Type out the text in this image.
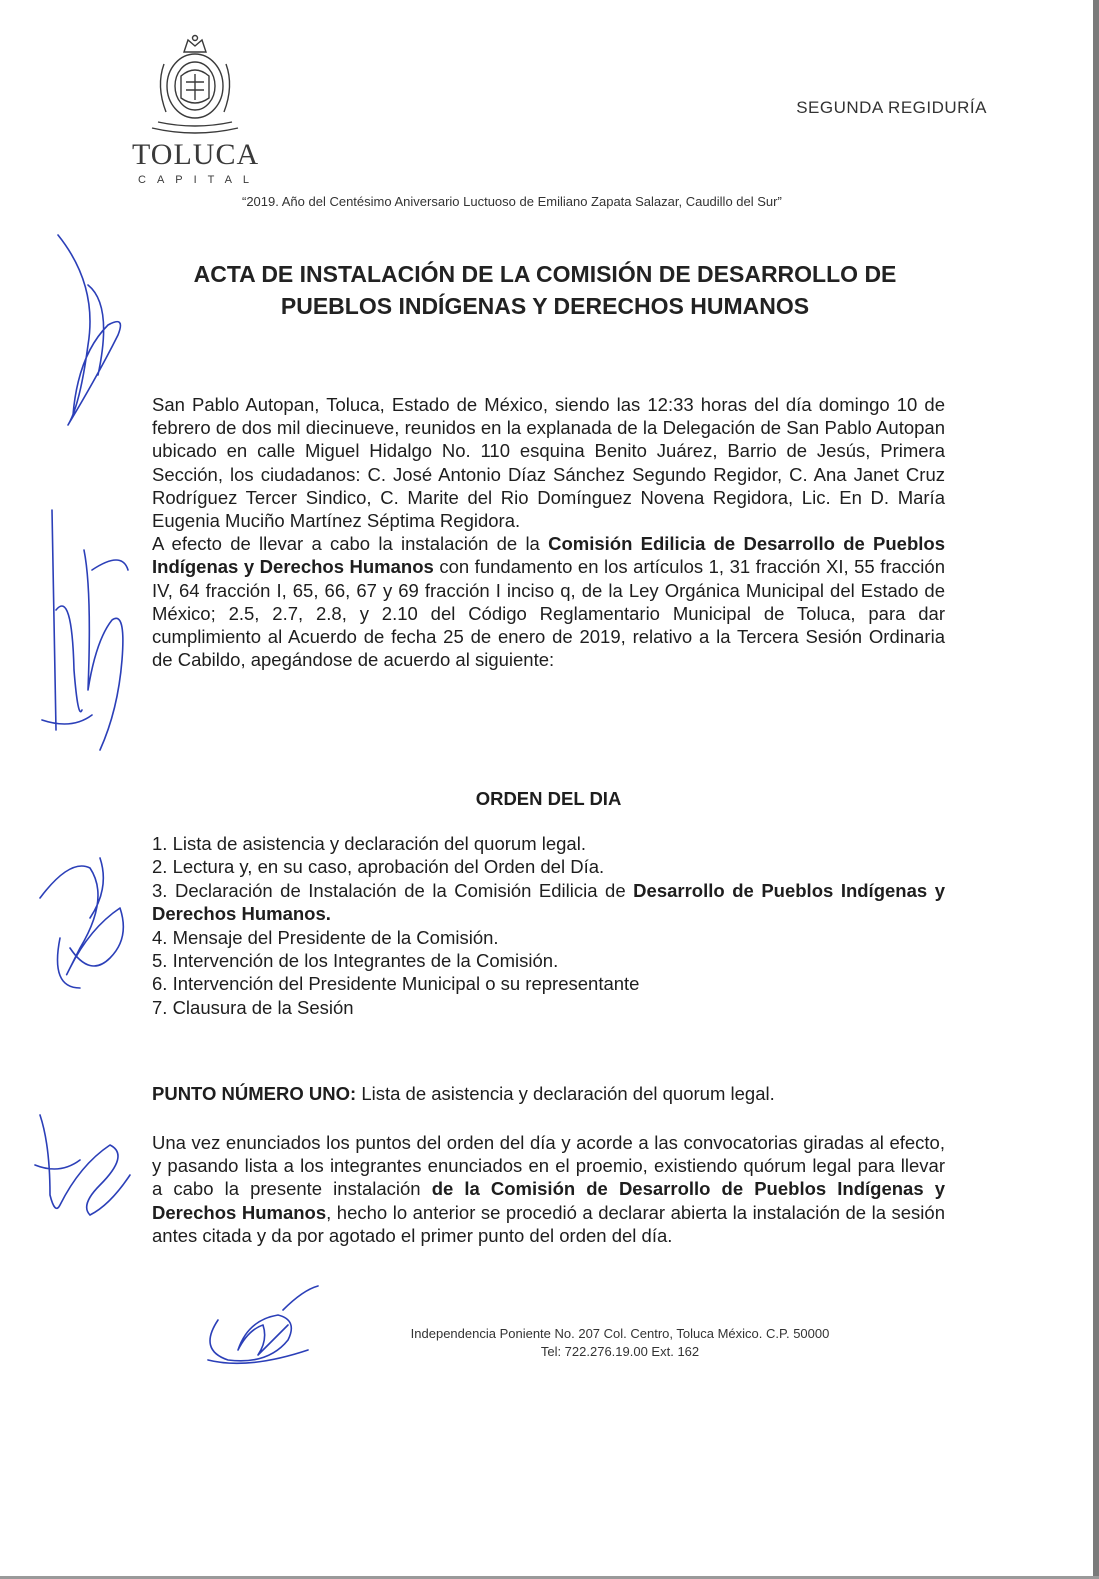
TOLUCA
CAPITAL
SEGUNDA REGIDURÍA
“2019. Año del Centésimo Aniversario Luctuoso de Emiliano Zapata Salazar, Caudillo del Sur”
ACTA DE INSTALACIÓN DE LA COMISIÓN DE DESARROLLO DE
PUEBLOS INDÍGENAS Y DERECHOS HUMANOS

San Pablo Autopan, Toluca, Estado de México, siendo las 12:33 horas del día domingo 10 de febrero de dos mil diecinueve, reunidos en la explanada de la Delegación de San Pablo Autopan ubicado en calle Miguel Hidalgo No. 110 esquina Benito Juárez, Barrio de Jesús, Primera Sección, los ciudadanos: C. José Antonio Díaz Sánchez Segundo Regidor, C. Ana Janet Cruz Rodríguez Tercer Sindico, C. Marite del Rio Domínguez Novena Regidora, Lic. En D. María Eugenia Muciño Martínez Séptima Regidora.

A efecto de llevar a cabo la instalación de la Comisión Edilicia de Desarrollo de Pueblos Indígenas y Derechos Humanos con fundamento en los artículos 1, 31 fracción XI, 55 fracción IV, 64 fracción I, 65, 66, 67 y 69 fracción I inciso q, de la Ley Orgánica Municipal del Estado de México; 2.5, 2.7, 2.8, y 2.10 del Código Reglamentario Municipal de Toluca, para dar cumplimiento al Acuerdo de fecha 25 de enero de 2019, relativo a la Tercera Sesión Ordinaria de Cabildo, apegándose de acuerdo al siguiente:

ORDEN DEL DIA
1. Lista de asistencia y declaración del quorum legal.
2. Lectura y, en su caso, aprobación del Orden del Día.
3. Declaración de Instalación de la Comisión Edilicia de Desarrollo de Pueblos Indígenas y Derechos Humanos.
4. Mensaje del Presidente de la Comisión.
5. Intervención de los Integrantes de la Comisión.
6. Intervención del Presidente Municipal o su representante
7. Clausura de la Sesión
PUNTO NÚMERO UNO: Lista de asistencia y declaración del quorum legal.

Una vez enunciados los puntos del orden del día y acorde a las convocatorias giradas al efecto, y pasando lista a los integrantes enunciados en el proemio, existiendo quórum legal para llevar a cabo la presente instalación de la Comisión de Desarrollo de Pueblos Indígenas y Derechos Humanos, hecho lo anterior se procedió a declarar abierta la instalación de la sesión antes citada y da por agotado el primer punto del orden del día.

Independencia Poniente No. 207 Col. Centro, Toluca México. C.P. 50000
Tel: 722.276.19.00 Ext. 162
